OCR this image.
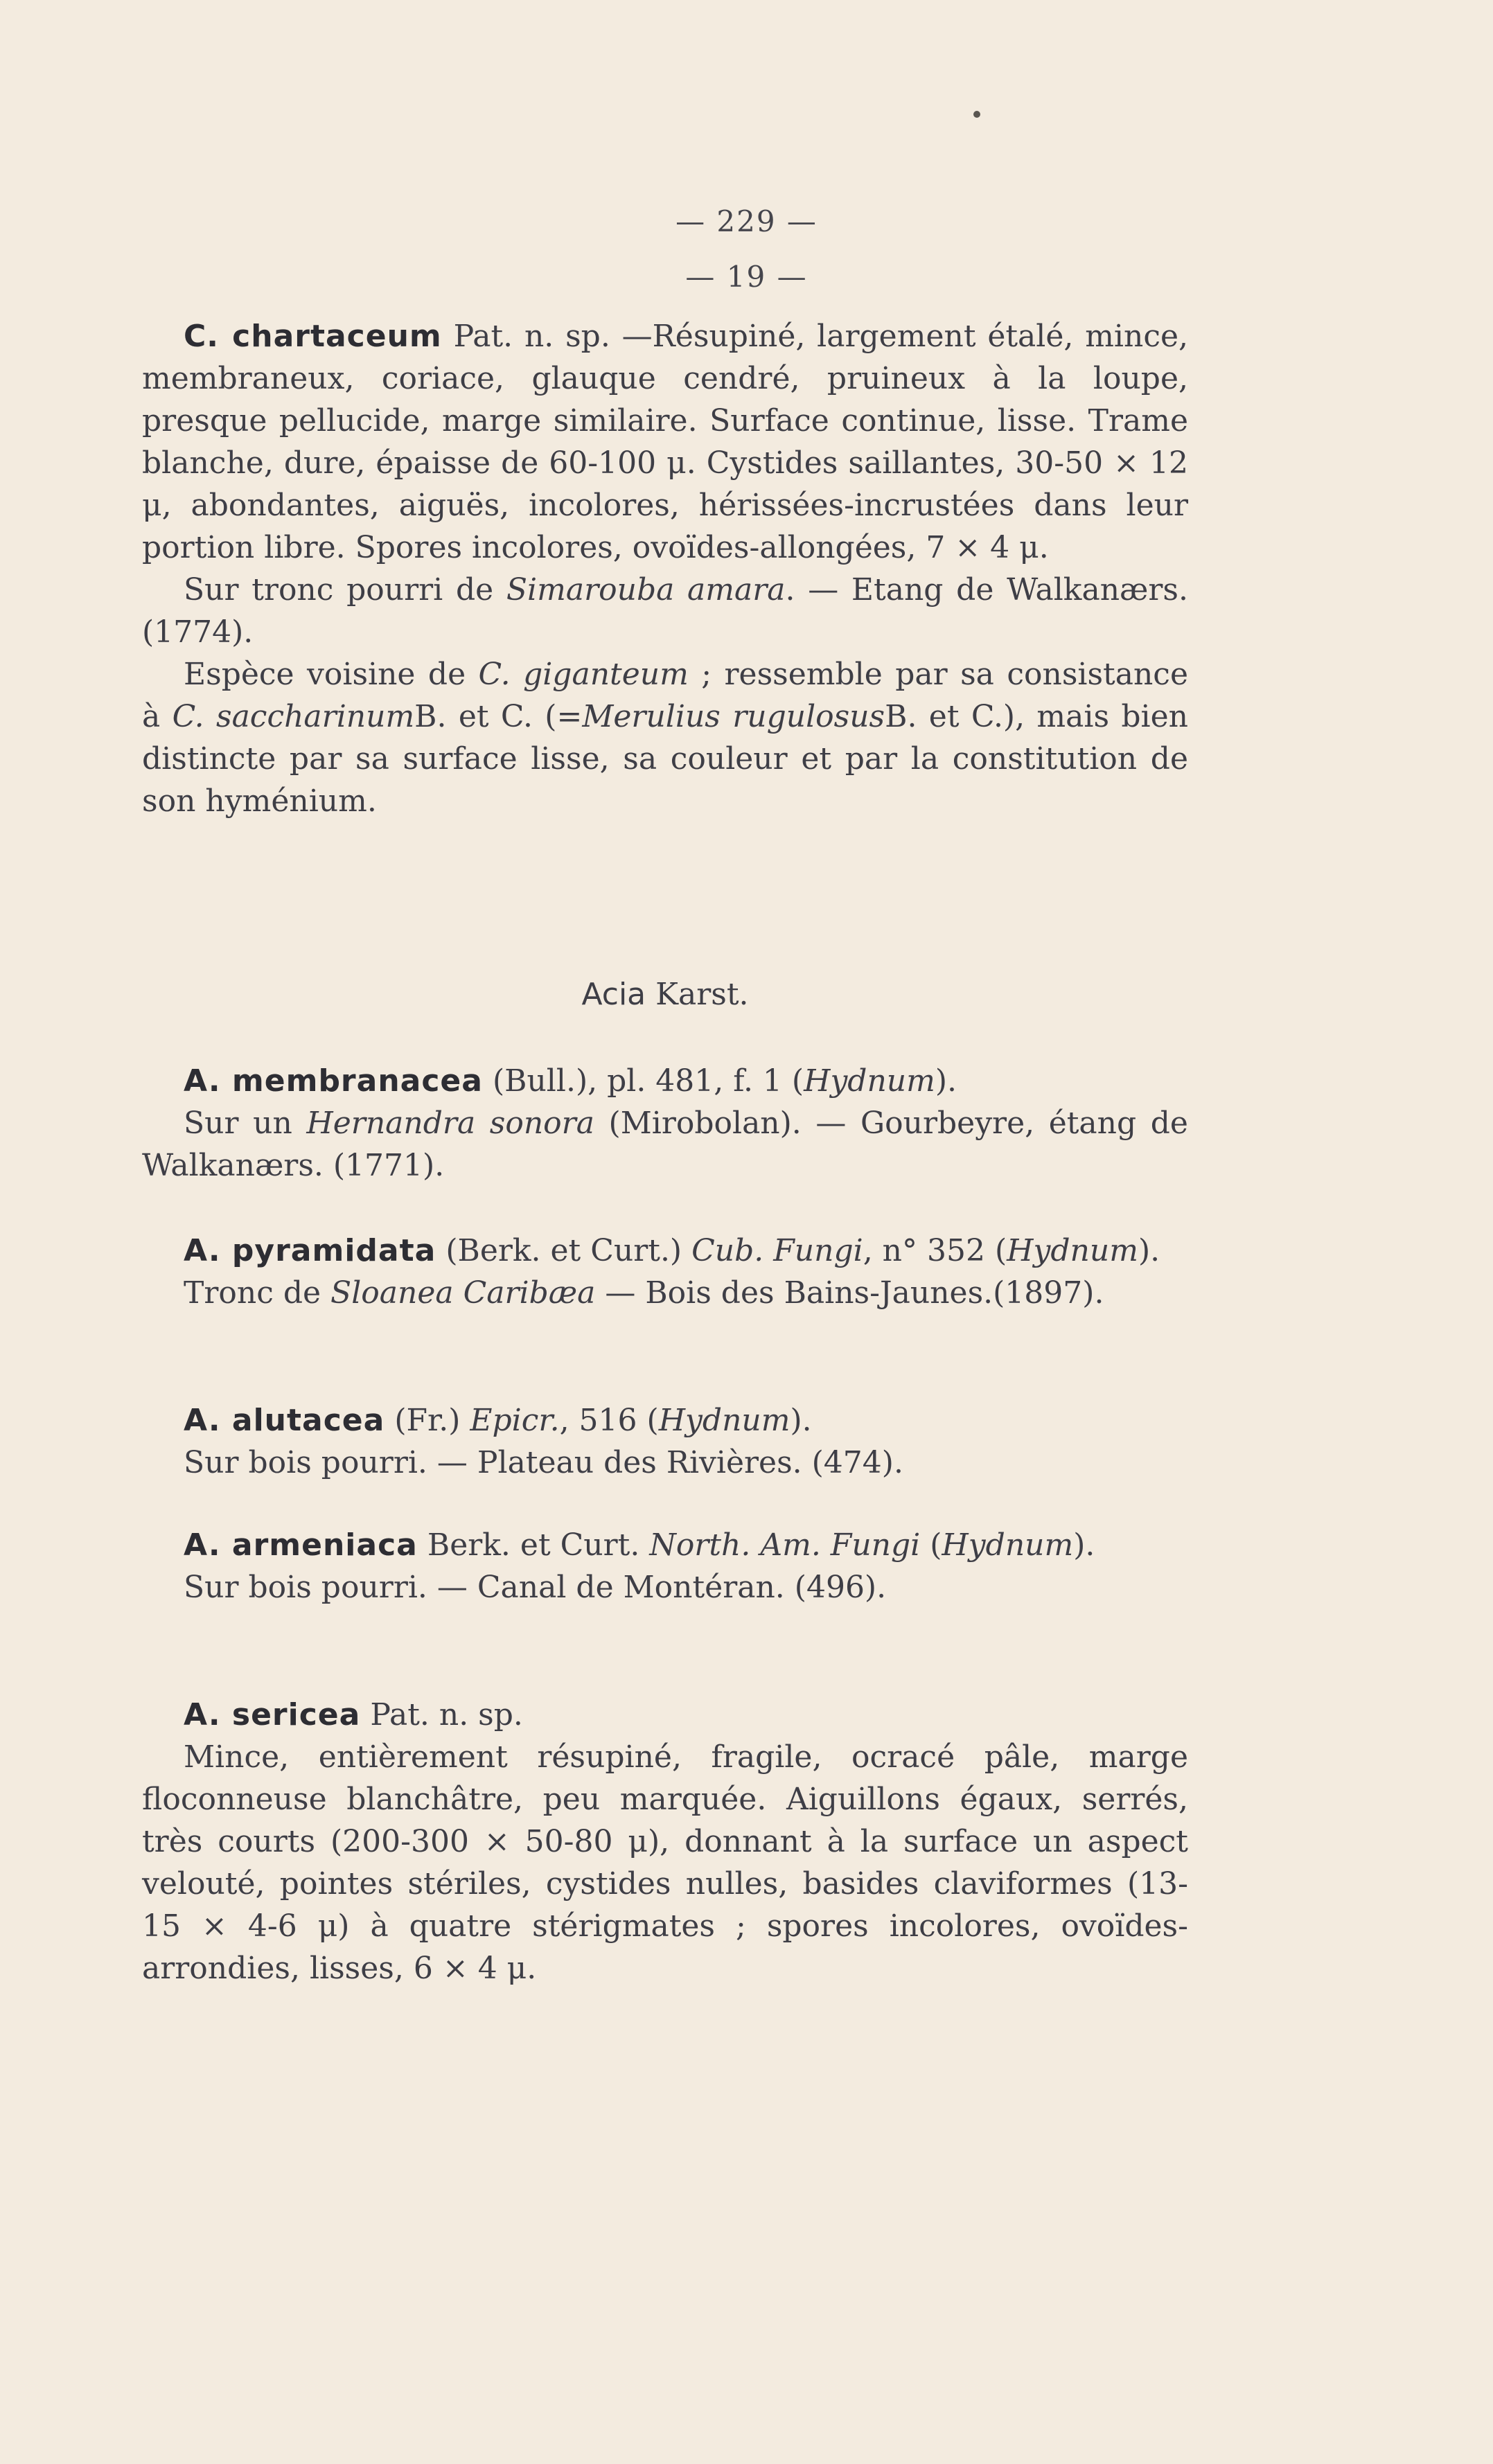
— 229 —
— 19 —

C. chartaceum Pat. n. sp. —Résupiné, largement étalé, mince, membraneux, coriace, glauque cendré, pruineux à la loupe, presque pellucide, marge similaire. Surface continue, lisse. Trame blanche, dure, épaisse de 60-100 μ. Cystides saillantes, 30-50 × 12 μ, abondantes, aiguës, incolores, hérissées-incrustées dans leur portion libre. Spores incolores, ovoïdes-allongées, 7 × 4 μ.

Sur tronc pourri de Simarouba amara. — Etang de Walkanærs. (1774).

Espèce voisine de C. giganteum ; ressemble par sa consistance à C. saccharinumB. et C. (=Merulius rugulosusB. et C.), mais bien distincte par sa surface lisse, sa couleur et par la constitution de son hyménium.

Acia Karst.

A. membranacea (Bull.), pl. 481, f. 1 (Hydnum).

Sur un Hernandra sonora (Mirobolan). — Gourbeyre, étang de Walkanærs. (1771).

A. pyramidata (Berk. et Curt.) Cub. Fungi, n° 352 (Hydnum).

Tronc de Sloanea Caribæa — Bois des Bains-Jaunes.(1897).

A. alutacea (Fr.) Epicr., 516 (Hydnum).

Sur bois pourri. — Plateau des Rivières. (474).

A. armeniaca Berk. et Curt. North. Am. Fungi (Hydnum).

Sur bois pourri. — Canal de Montéran. (496).

A. sericea Pat. n. sp.

Mince, entièrement résupiné, fragile, ocracé pâle, marge floconneuse blanchâtre, peu marquée. Aiguillons égaux, serrés, très courts (200-300 × 50-80 μ), donnant à la surface un aspect velouté, pointes stériles, cystides nulles, basides claviformes (13-15 × 4-6 μ) à quatre stérigmates ; spores incolores, ovoïdes-arrondies, lisses, 6 × 4 μ.
